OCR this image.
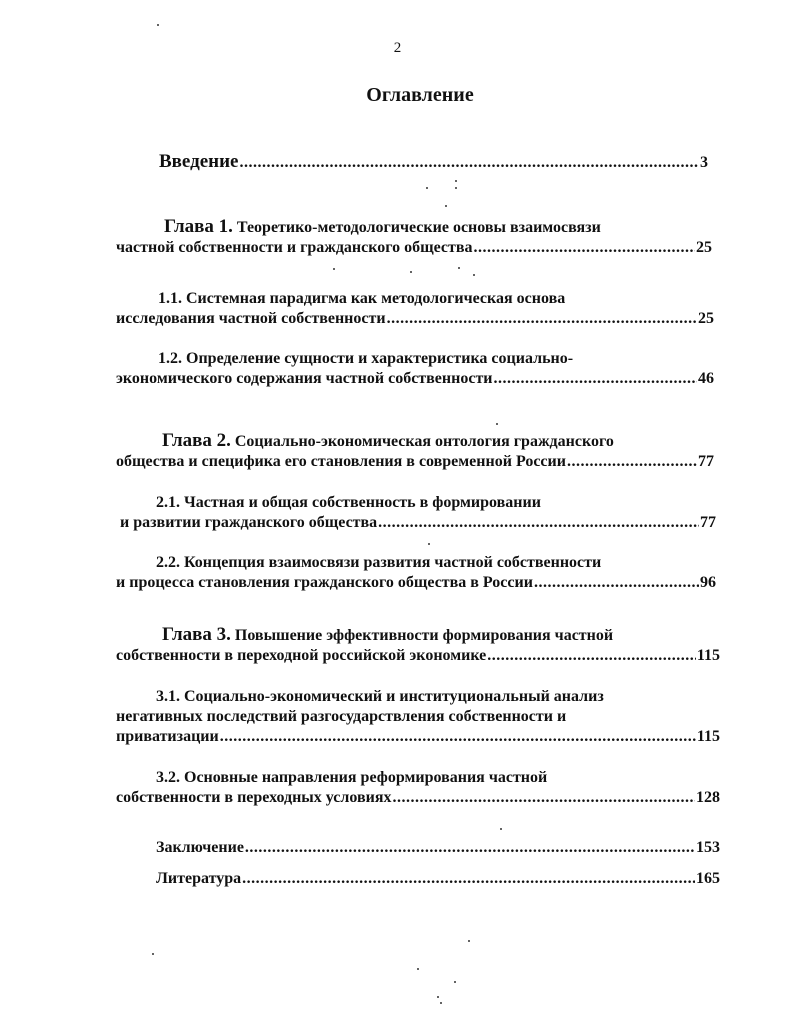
2
Оглавление
Введение .....	3
Глава 1. Теоретико-методологические основы взаимосвязи
частной собственности и гражданского общества .....	25
1.1. Системная парадигма как методологическая основа
исследования частной собственности .....	25
1.2. Определение сущности и характеристика социально-
экономического содержания частной собственности .....	46
Глава 2. Социально-экономическая онтология гражданского
общества и специфика его становления в современной России .....	77
2.1. Частная и общая собственность в формировании
и развитии гражданского общества .....	77
2.2. Концепция взаимосвязи развития частной собственности
и процесса становления гражданского общества в России .....	96
Глава 3. Повышение эффективности формирования частной
собственности в переходной российской экономике .....	115
3.1. Социально-экономический и институциональный анализ
негативных последствий разгосударствления собственности и
приватизации .....	115
3.2. Основные направления реформирования частной
собственности в переходных условиях .....	128
Заключение .....	153
Литература .....	165
